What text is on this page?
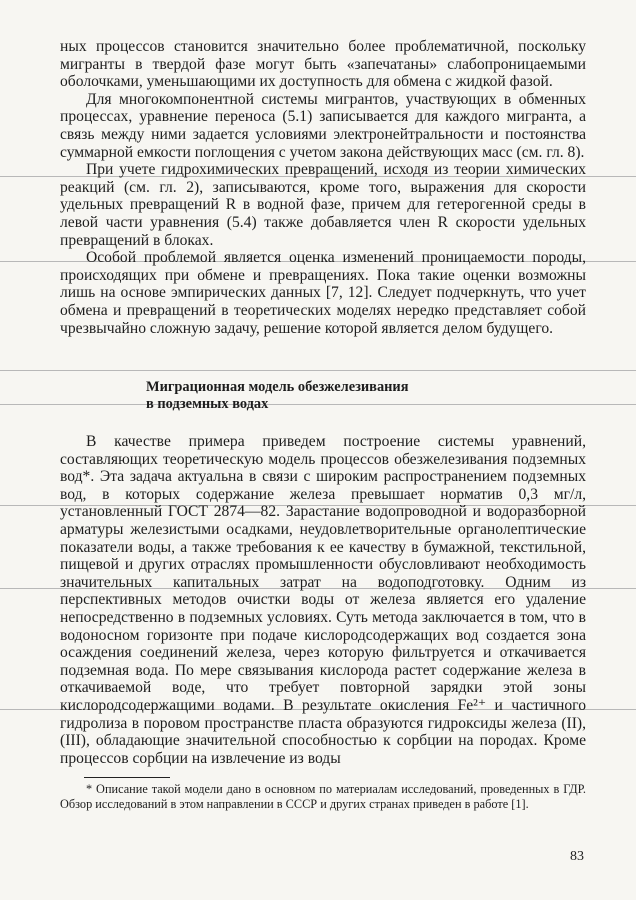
ных процессов становится значительно более проблематичной, поскольку мигранты в твердой фазе могут быть «запечатаны» слабопроницаемыми оболочками, уменьшающими их доступность для обмена с жидкой фазой.

Для многокомпонентной системы мигрантов, участвующих в обменных процессах, уравнение переноса (5.1) записывается для каждого мигранта, а связь между ними задается условиями электронейтральности и постоянства суммарной емкости поглощения с учетом закона действующих масс (см. гл. 8).

При учете гидрохимических превращений, исходя из теории химических реакций (см. гл. 2), записываются, кроме того, выражения для скорости удельных превращений R в водной фазе, причем для гетерогенной среды в левой части уравнения (5.4) также добавляется член R скорости удельных превращений в блоках.

Особой проблемой является оценка изменений проницаемости породы, происходящих при обмене и превращениях. Пока такие оценки возможны лишь на основе эмпирических данных [7, 12]. Следует подчеркнуть, что учет обмена и превращений в теоретических моделях нередко представляет собой чрезвычайно сложную задачу, решение которой является делом будущего.

Миграционная модель обезжелезивания
в подземных водах

В качестве примера приведем построение системы уравнений, составляющих теоретическую модель процессов обезжелезивания подземных вод*. Эта задача актуальна в связи с широким распространением подземных вод, в которых содержание железа превышает норматив 0,3 мг/л, установленный ГОСТ 2874—82. Зарастание водопроводной и водоразборной арматуры железистыми осадками, неудовлетворительные органолептические показатели воды, а также требования к ее качеству в бумажной, текстильной, пищевой и других отраслях промышленности обусловливают необходимость значительных капитальных затрат на водоподготовку. Одним из перспективных методов очистки воды от железа является его удаление непосредственно в подземных условиях. Суть метода заключается в том, что в водоносном горизонте при подаче кислородсодержащих вод создается зона осаждения соединений железа, через которую фильтруется и откачивается подземная вода. По мере связывания кислорода растет содержание железа в откачиваемой воде, что требует повторной зарядки этой зоны кислородсодержащими водами. В результате окисления Fe²⁺ и частичного гидролиза в поровом пространстве пласта образуются гидроксиды железа (II), (III), обладающие значительной способностью к сорбции на породах. Кроме процессов сорбции на извлечение из воды

* Описание такой модели дано в основном по материалам исследований, проведенных в ГДР. Обзор исследований в этом направлении в СССР и других странах приведен в работе [1].

83
